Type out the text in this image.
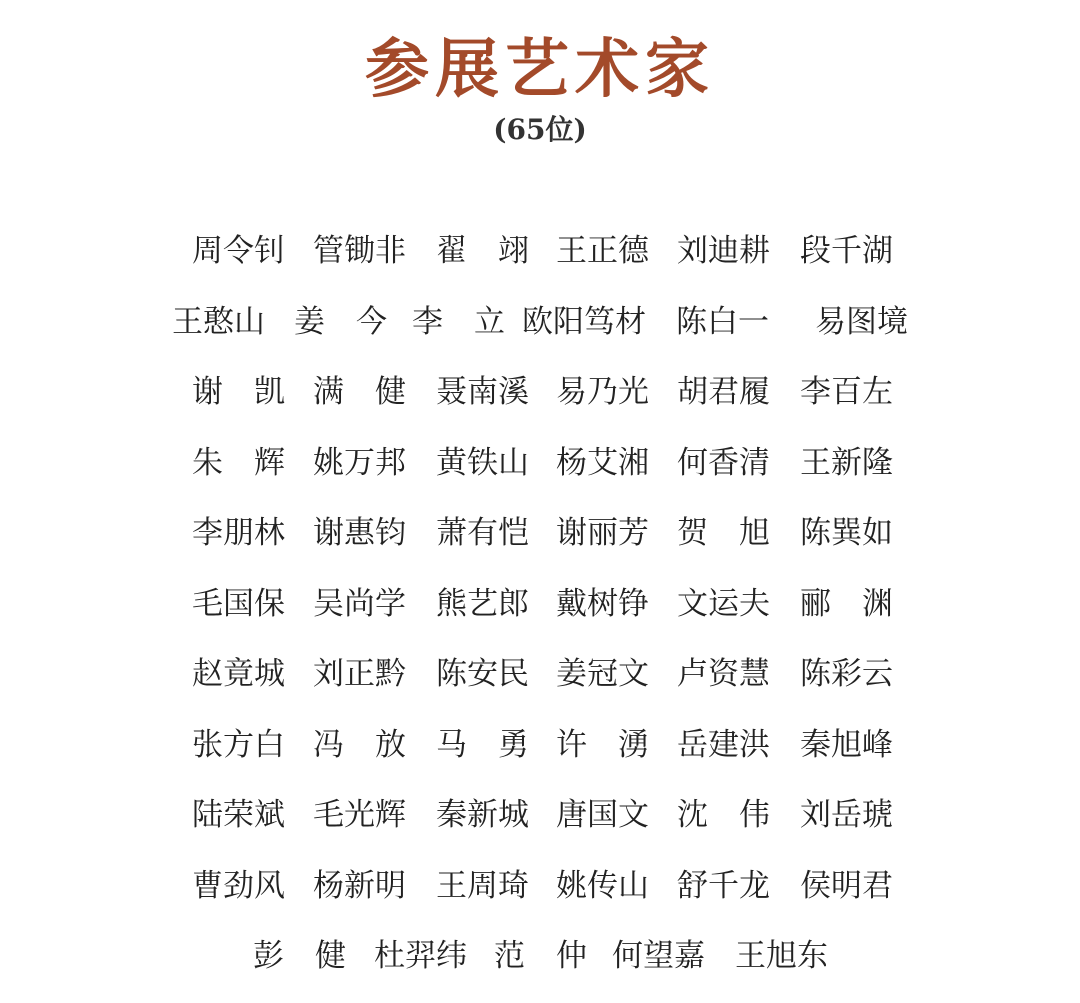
参展艺术家
(65位)
周令钊 管锄非 翟　翊 王正德 刘迪耕 段千湖
王憨山 姜　今 李　立 欧阳笃材 陈白一 易图境
谢　凯 满　健 聂南溪 易乃光 胡君履 李百左
朱　辉 姚万邦 黄铁山 杨艾湘 何香清 王新隆
李朋林 谢惠钧 萧有恺 谢丽芳 贺　旭 陈巽如
毛国保 吴尚学 熊艺郎 戴树铮 文运夫 郦　渊
赵竟城 刘正黔 陈安民 姜冠文 卢资慧 陈彩云
张方白 冯　放 马　勇 许　湧 岳建洪 秦旭峰
陆荣斌 毛光辉 秦新城 唐国文 沈　伟 刘岳琥
曹劲风 杨新明 王周琦 姚传山 舒千龙 侯明君
彭　健 杜羿纬 范　仲 何望嘉 王旭东
